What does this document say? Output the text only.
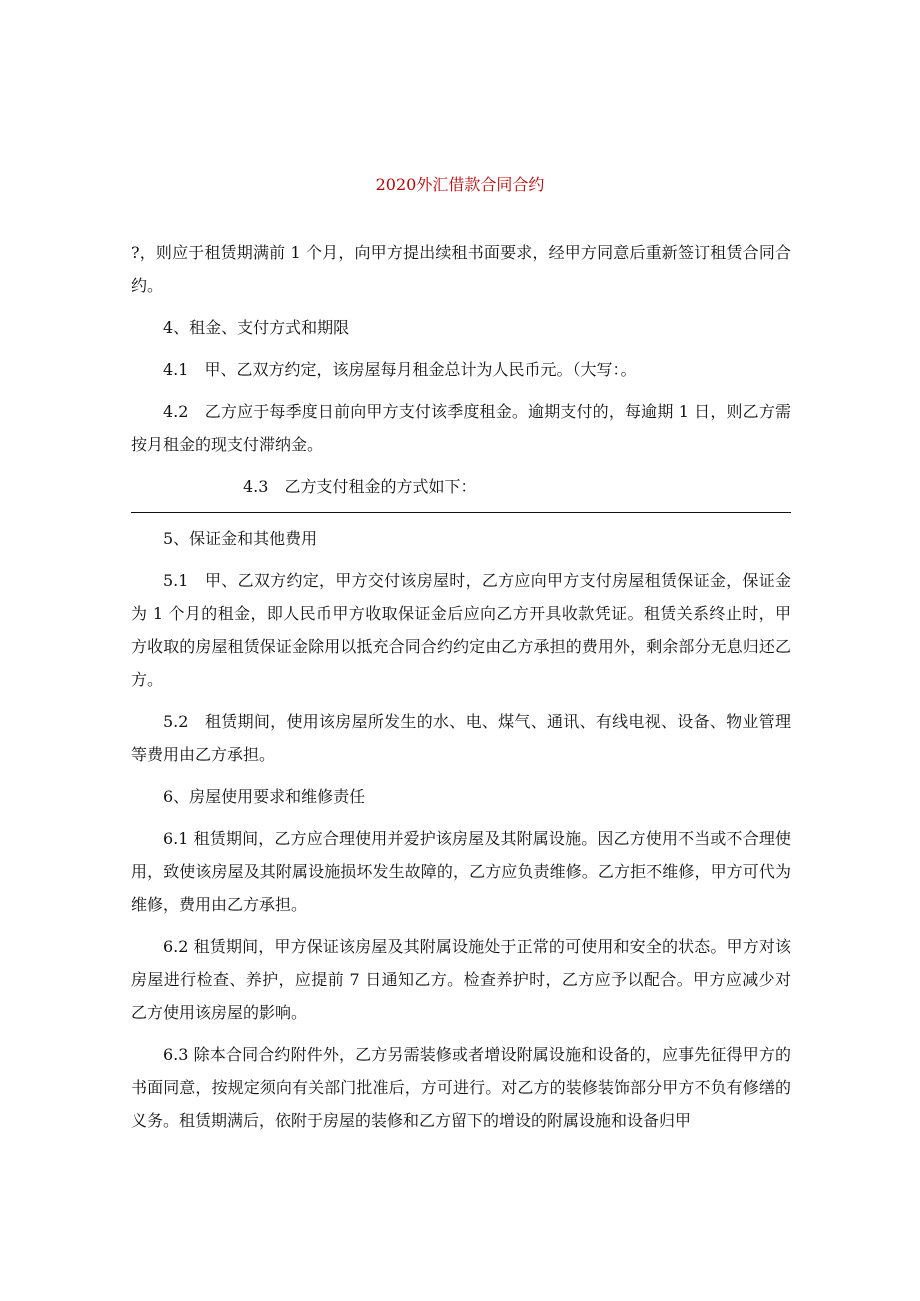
2020外汇借款合同合约

?，则应于租赁期满前 1 个月，向甲方提出续租书面要求，经甲方同意后重新签订租赁合同合约。

4、租金、支付方式和期限

4.1　甲、乙双方约定，该房屋每月租金总计为人民币元。（大写：。

4.2　乙方应于每季度日前向甲方支付该季度租金。逾期支付的，每逾期 1 日，则乙方需按月租金的现支付滞纳金。

4.3　乙方支付租金的方式如下：

5、保证金和其他费用

5.1　甲、乙双方约定，甲方交付该房屋时，乙方应向甲方支付房屋租赁保证金，保证金为 1 个月的租金，即人民币甲方收取保证金后应向乙方开具收款凭证。租赁关系终止时，甲方收取的房屋租赁保证金除用以抵充合同合约约定由乙方承担的费用外，剩余部分无息归还乙方。

5.2　租赁期间，使用该房屋所发生的水、电、煤气、通讯、有线电视、设备、物业管理等费用由乙方承担。

6、房屋使用要求和维修责任

6.1 租赁期间，乙方应合理使用并爱护该房屋及其附属设施。因乙方使用不当或不合理使用，致使该房屋及其附属设施损坏发生故障的，乙方应负责维修。乙方拒不维修，甲方可代为维修，费用由乙方承担。

6.2 租赁期间，甲方保证该房屋及其附属设施处于正常的可使用和安全的状态。甲方对该房屋进行检查、养护，应提前 7 日通知乙方。检查养护时，乙方应予以配合。甲方应减少对乙方使用该房屋的影响。

6.3 除本合同合约附件外，乙方另需装修或者增设附属设施和设备的，应事先征得甲方的书面同意，按规定须向有关部门批准后，方可进行。对乙方的装修装饰部分甲方不负有修缮的义务。租赁期满后，依附于房屋的装修和乙方留下的增设的附属设施和设备归甲
